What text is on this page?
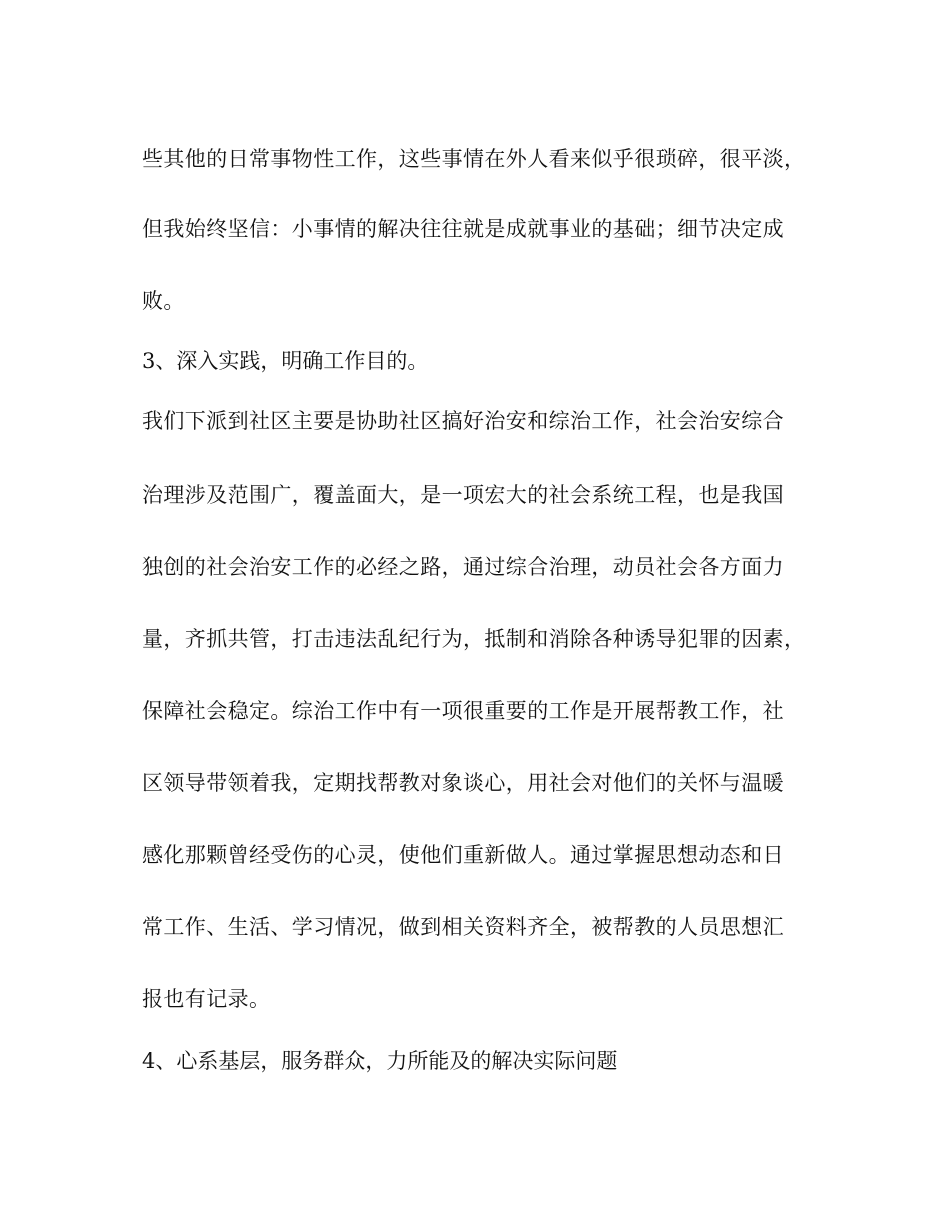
些其他的日常事物性工作，这些事情在外人看来似乎很琐碎，很平淡，
但我始终坚信：小事情的解决往往就是成就事业的基础；细节决定成
败。
3、深入实践，明确工作目的。
我们下派到社区主要是协助社区搞好治安和综治工作，社会治安综合
治理涉及范围广，覆盖面大，是一项宏大的社会系统工程，也是我国
独创的社会治安工作的必经之路，通过综合治理，动员社会各方面力
量，齐抓共管，打击违法乱纪行为，抵制和消除各种诱导犯罪的因素，
保障社会稳定。综治工作中有一项很重要的工作是开展帮教工作，社
区领导带领着我，定期找帮教对象谈心，用社会对他们的关怀与温暖
感化那颗曾经受伤的心灵，使他们重新做人。通过掌握思想动态和日
常工作、生活、学习情况，做到相关资料齐全，被帮教的人员思想汇
报也有记录。
4、心系基层，服务群众，力所能及的解决实际问题
